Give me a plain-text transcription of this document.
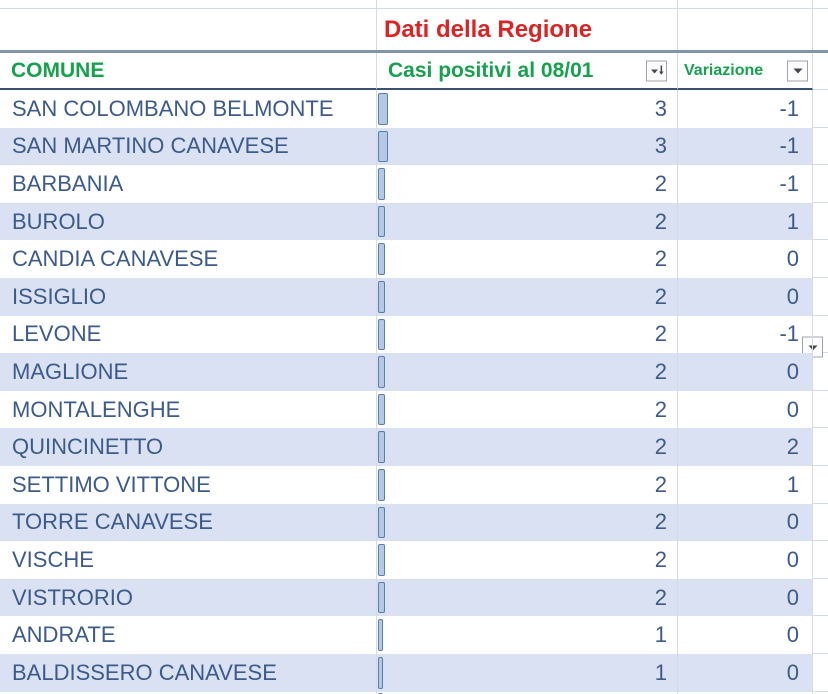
Dati della Regione
COMUNE	Casi positivi al 08/01	Variazione
SAN COLOMBANO BELMONTE	3	-1
SAN MARTINO CANAVESE	3	-1
BARBANIA	2	-1
BUROLO	2	1
CANDIA CANAVESE	2	0
ISSIGLIO	2	0
LEVONE	2	-1
MAGLIONE	2	0
MONTALENGHE	2	0
QUINCINETTO	2	2
SETTIMO VITTONE	2	1
TORRE CANAVESE	2	0
VISCHE	2	0
VISTRORIO	2	0
ANDRATE	1	0
BALDISSERO CANAVESE	1	0
